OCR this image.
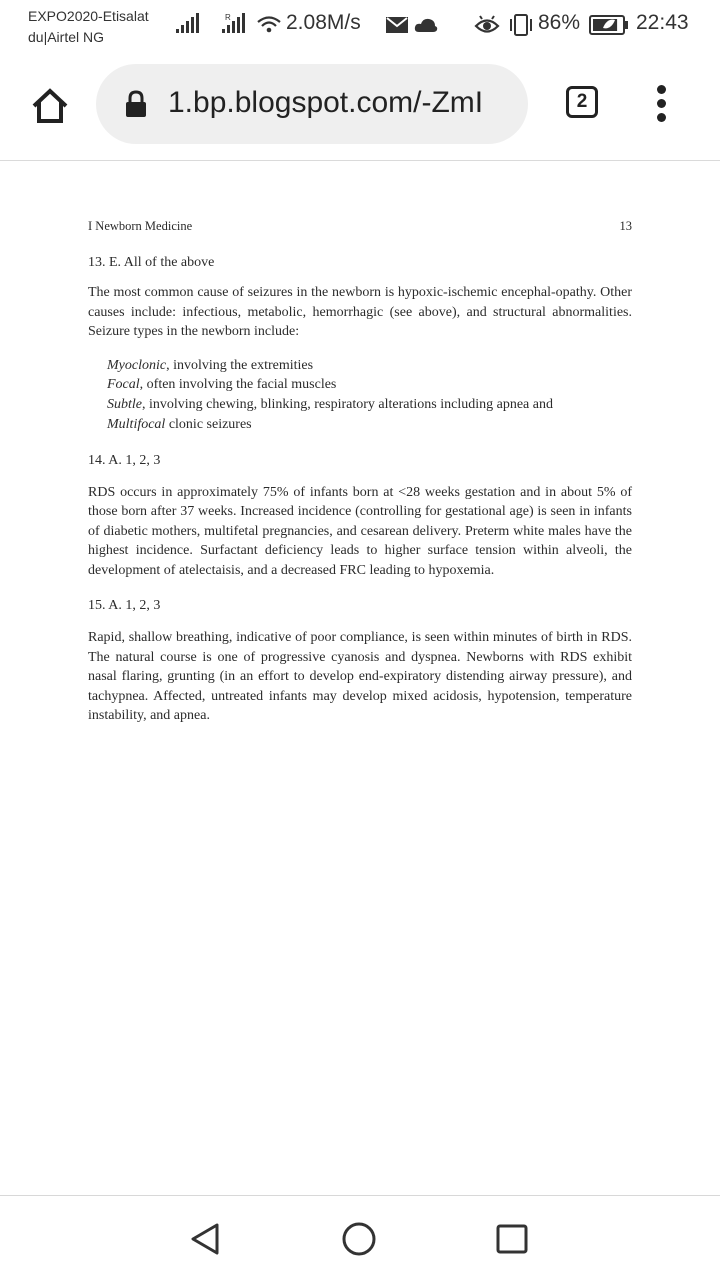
EXPO2020-Etisalat
du|Airtel NG
R	2.08M/s	86%	22:43
1.bp.blogspot.com/-ZmI	2
I Newborn Medicine	13

13. E. All of the above

The most common cause of seizures in the newborn is hypoxic-ischemic encephal-opathy. Other causes include: infectious, metabolic, hemorrhagic (see above), and structural abnormalities. Seizure types in the newborn include:

Myoclonic, involving the extremities

Focal, often involving the facial muscles

Subtle, involving chewing, blinking, respiratory alterations including apnea and

Multifocal clonic seizures

14. A. 1, 2, 3

RDS occurs in approximately 75% of infants born at <28 weeks gestation and in about 5% of those born after 37 weeks. Increased incidence (controlling for gestational age) is seen in infants of diabetic mothers, multifetal pregnancies, and cesarean delivery. Preterm white males have the highest incidence. Surfactant deficiency leads to higher surface tension within alveoli, the development of atelectaisis, and a decreased FRC leading to hypoxemia.

15. A. 1, 2, 3

Rapid, shallow breathing, indicative of poor compliance, is seen within minutes of birth in RDS. The natural course is one of progressive cyanosis and dyspnea. Newborns with RDS exhibit nasal flaring, grunting (in an effort to develop end-expiratory distending airway pressure), and tachypnea. Affected, untreated infants may develop mixed acidosis, hypotension, temperature instability, and apnea.
